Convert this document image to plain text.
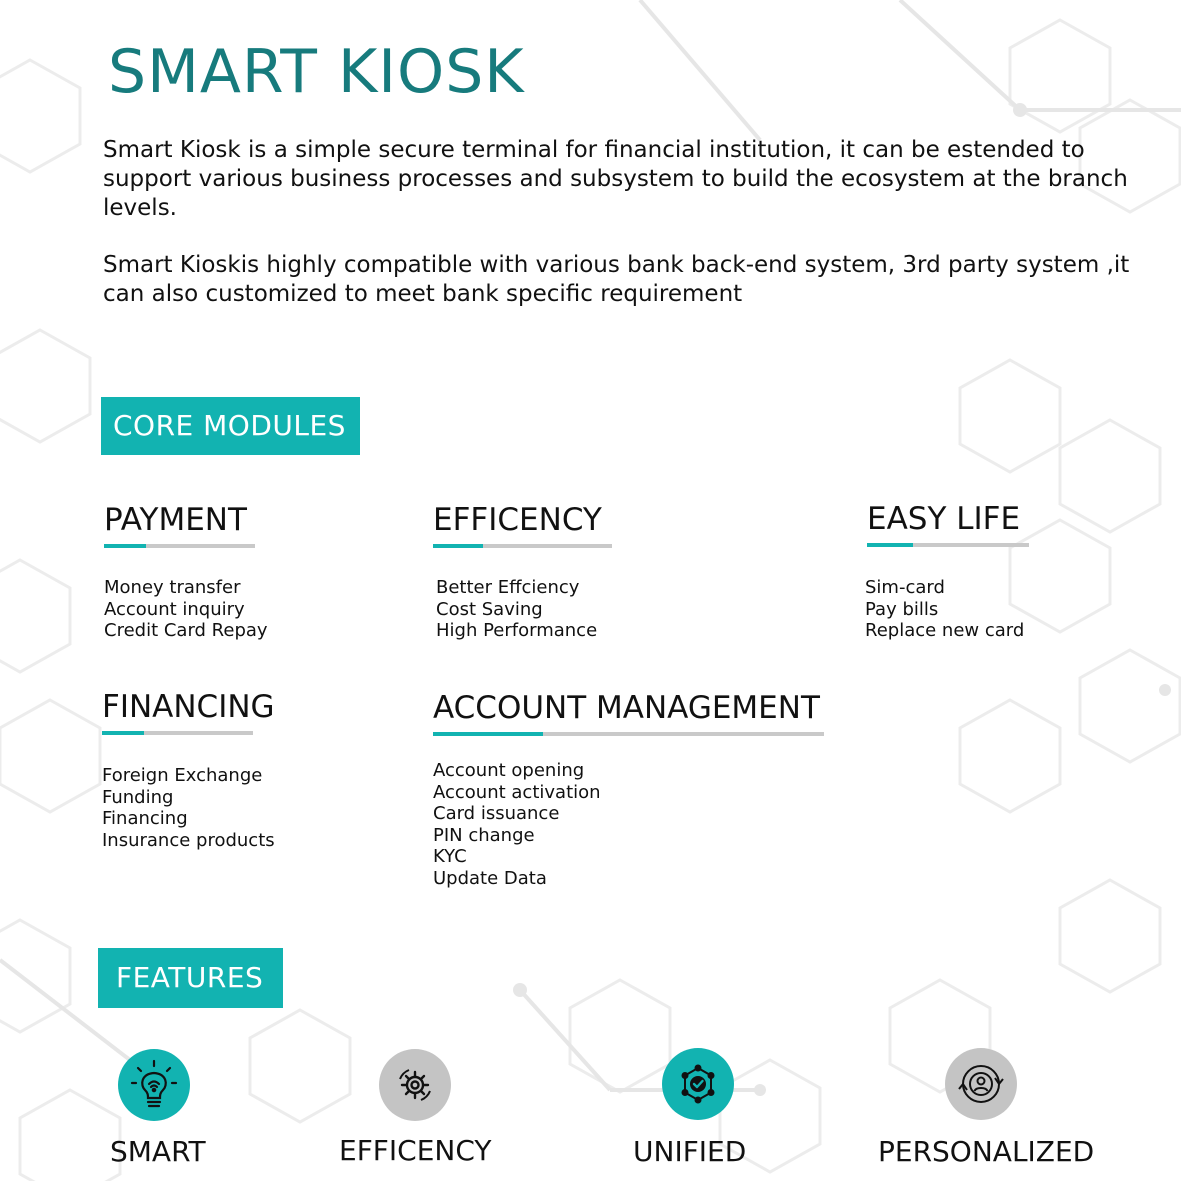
SMART KIOSK

Smart Kiosk is a simple secure terminal for financial institution, it can be estended to support various business processes and subsystem to build the ecosystem at the branch levels.

Smart Kioskis highly compatible with various bank back-end system, 3rd party system ,it can also customized to meet bank specific requirement

CORE MODULES
PAYMENT
Money transfer
Account inquiry
Credit Card Repay
EFFICENCY
Better Effciency
Cost Saving
High Performance
EASY LIFE
Sim-card
Pay bills
Replace new card
FINANCING
Foreign Exchange
Funding
Financing
Insurance products
ACCOUNT MANAGEMENT
Account opening
Account activation
Card issuance
PIN change
KYC
Update Data
FEATURES
SMART	EFFICENCY	UNIFIED	PERSONALIZED
